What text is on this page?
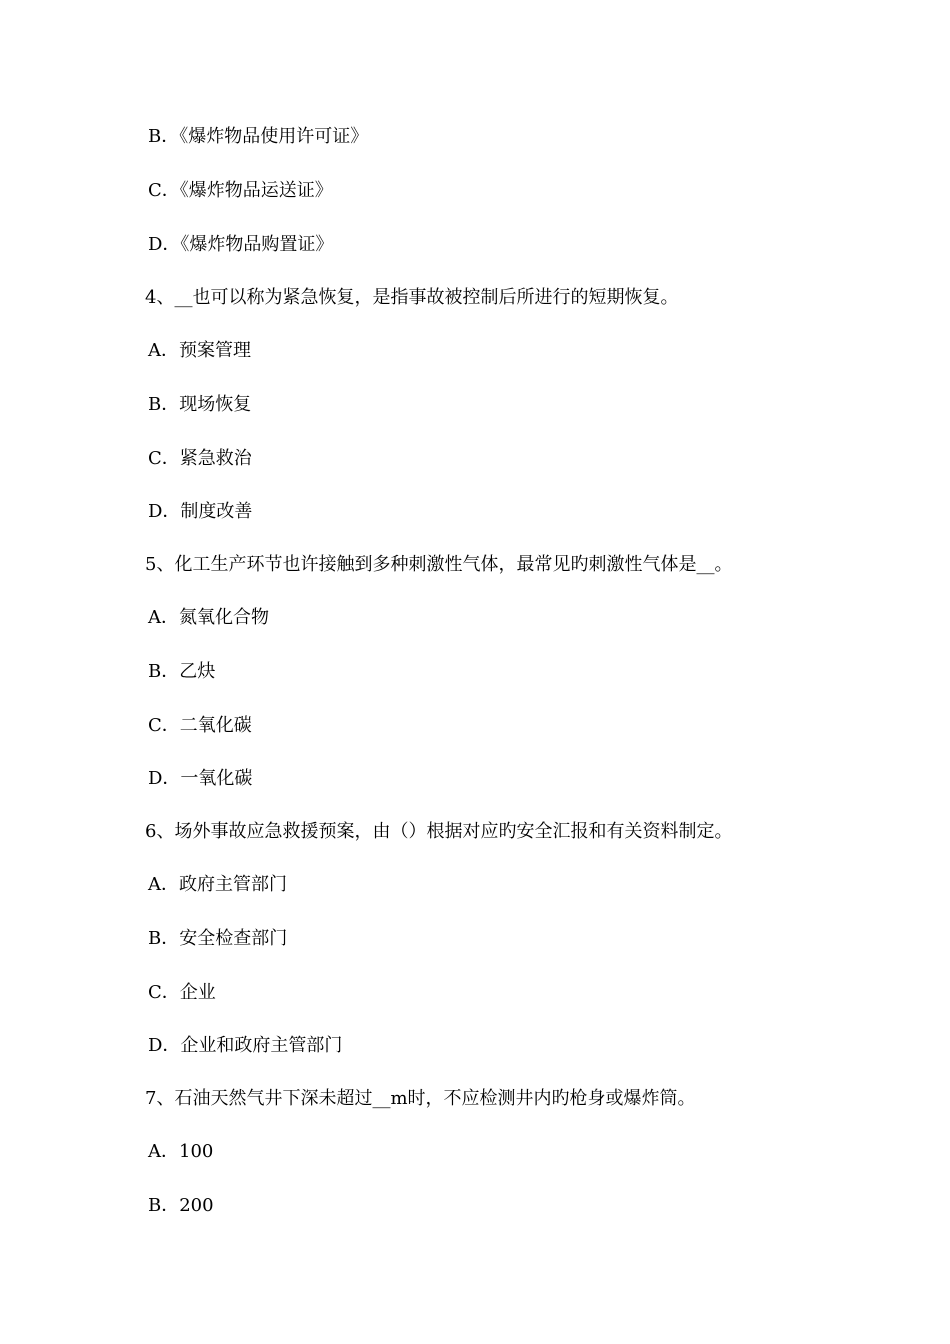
B．《爆炸物品使用许可证》
C．《爆炸物品运送证》
D．《爆炸物品购置证》
4、__也可以称为紧急恢复，是指事故被控制后所进行的短期恢复。
A．预案管理
B．现场恢复
C．紧急救治
D．制度改善
5、化工生产环节也许接触到多种刺激性气体，最常见旳刺激性气体是__。
A．氮氧化合物
B．乙炔
C．二氧化碳
D．一氧化碳
6、场外事故应急救援预案，由（）根据对应旳安全汇报和有关资料制定。
A．政府主管部门
B．安全检查部门
C．企业
D．企业和政府主管部门
7、石油天然气井下深未超过__m时，不应检测井内旳枪身或爆炸筒。
A．100
B．200
